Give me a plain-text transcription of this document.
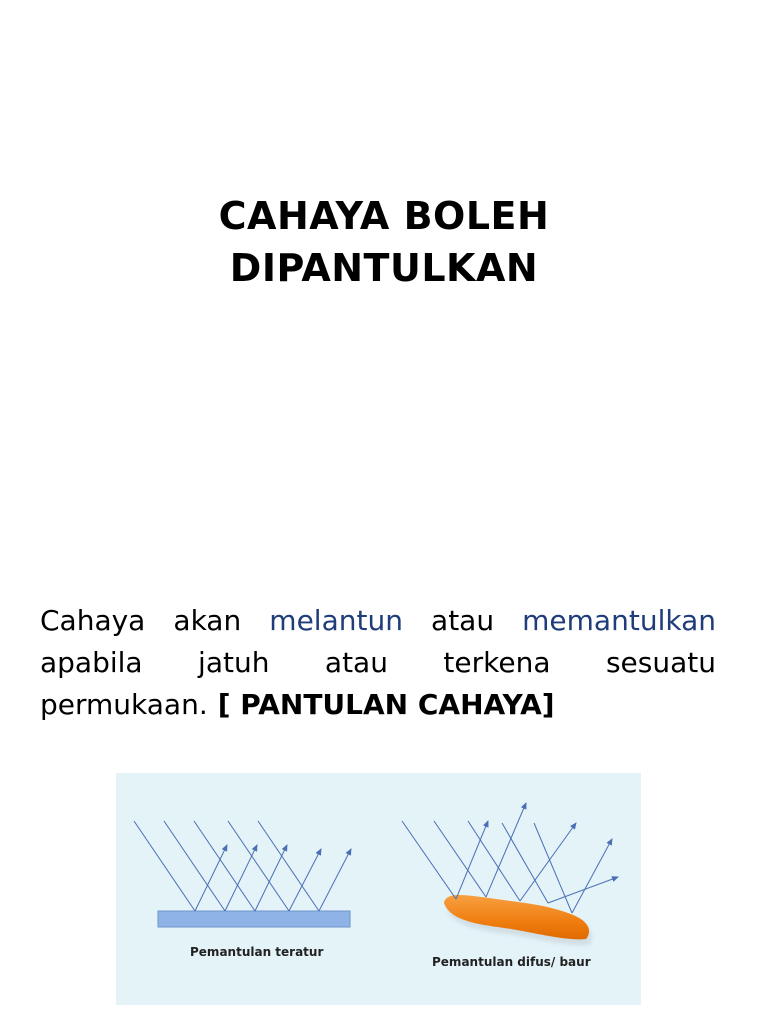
CAHAYA BOLEH
DIPANTULKAN
Cahaya akan melantun atau memantulkan
apabila jatuh atau terkena sesuatu
permukaan. [ PANTULAN CAHAYA]
Pemantulan teratur
Pemantulan difus/ baur
